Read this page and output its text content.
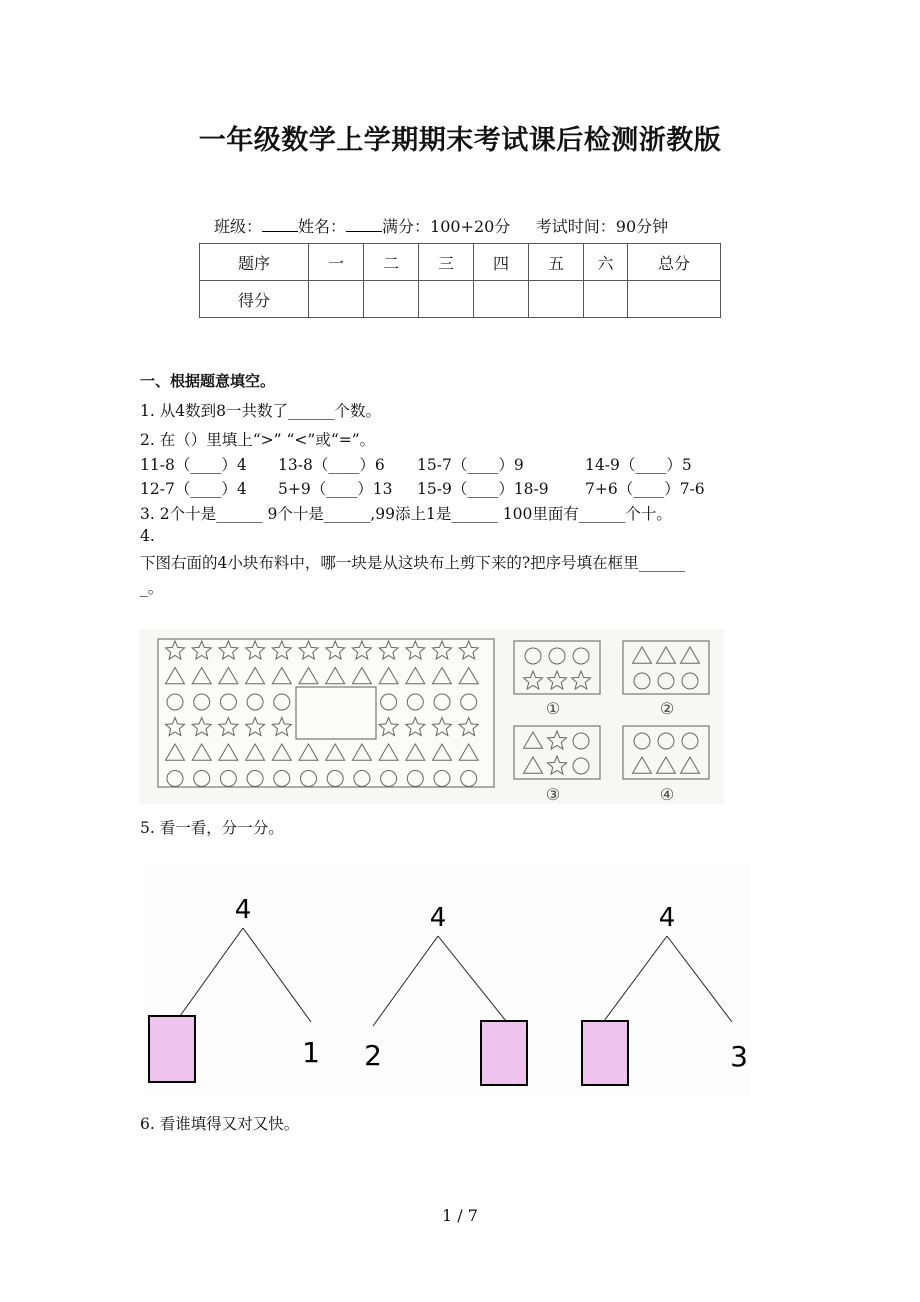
一年级数学上学期期末考试课后检测浙教版
班级： 姓名： 满分：100+20分 考试时间：90分钟
题序	一	二	三	四	五	六	总分
得分							
一、根据题意填空。
1. 从4数到8一共数了______个数。
2. 在（）里填上“>” “<”或“=”。
11-8（____）4 13-8（____）6 15-7（____）9	14-9（____）5
12-7（____）4 5+9（____）13 15-9（____）18-9 7+6（____）7-6
3. 2个十是______ 9个十是______,99添上1是______ 100里面有______个十。
4.
下图右面的4小块布料中，哪一块是从这块布上剪下来的?把序号填在框里______
_。
①	②
③	④
5. 看一看，分一分。
4
1
4
2
4
3
6. 看谁填得又对又快。
1 / 7
